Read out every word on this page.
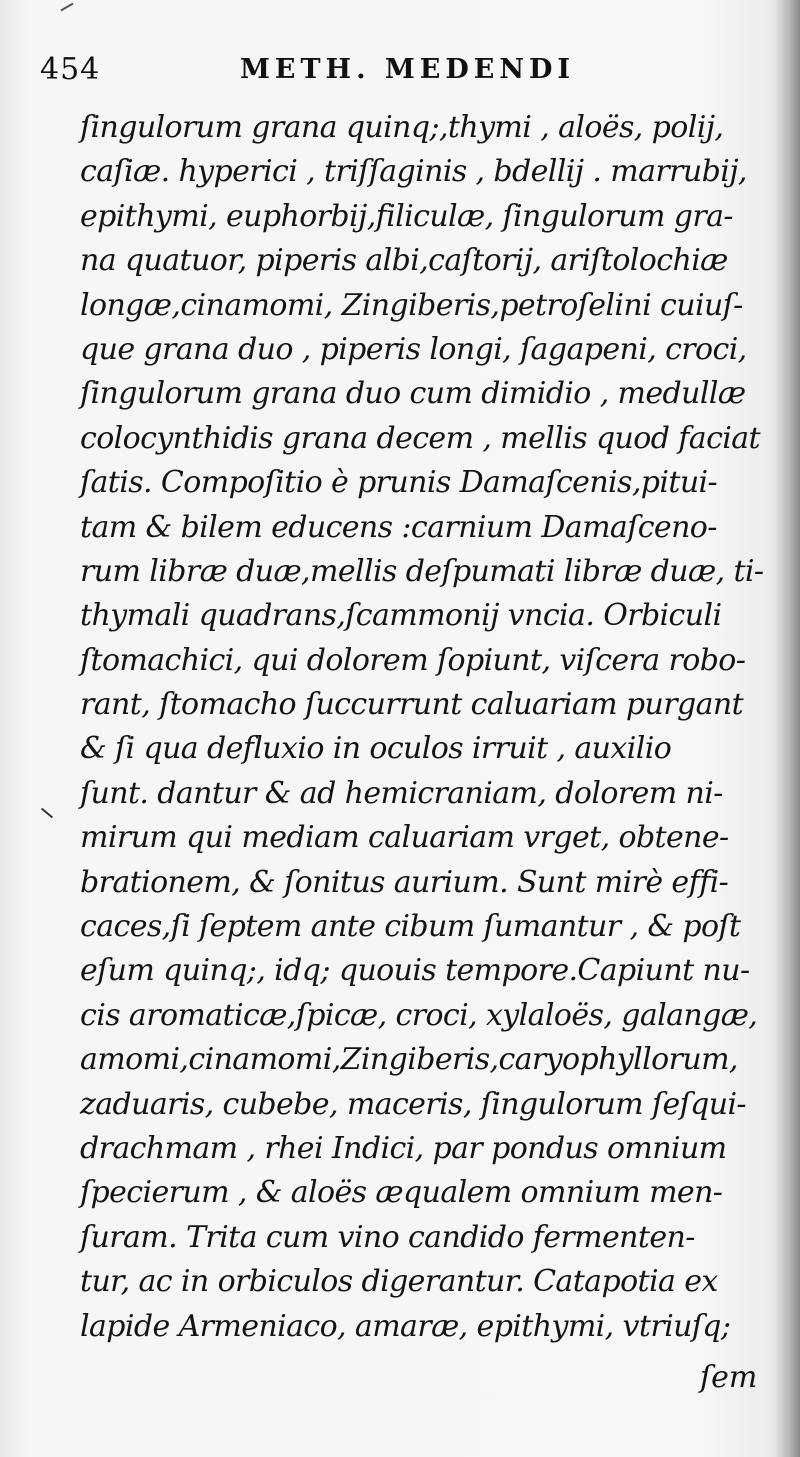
454	METH. MEDENDI
ſingulorum grana quinq;,thymi , aloës, polij,
caſiæ. hyperici , triſſaginis , bdellij . marrubij,
epithymi, euphorbij,filiculæ, ſingulorum gra-
na quatuor, piperis albi,caſtorij, ariſtolochiæ
longæ,cinamomi, Zingiberis,petroſelini cuiuſ-
que grana duo , piperis longi, ſagapeni, croci,
ſingulorum grana duo cum dimidio , medullæ
colocynthidis grana decem , mellis quod faciat
ſatis. Compoſitio è prunis Damaſcenis,pitui-
tam & bilem educens :carnium Damaſceno-
rum libræ duæ,mellis deſpumati libræ duæ, ti-
thymali quadrans,ſcammonij vncia. Orbiculi
ſtomachici, qui dolorem ſopiunt, viſcera robo-
rant, ſtomacho ſuccurrunt caluariam purgant
& ſi qua defluxio in oculos irruit , auxilio
ſunt. dantur & ad hemicraniam, dolorem ni-
mirum qui mediam caluariam vrget, obtene-
brationem, & ſonitus aurium. Sunt mirè effi-
caces,ſi ſeptem ante cibum ſumantur , & poſt
eſum quinq;, idq; quouis tempore.Capiunt nu-
cis aromaticæ,ſpicæ, croci, xylaloës, galangæ,
amomi,cinamomi,Zingiberis,caryophyllorum,
zaduaris, cubebe, maceris, ſingulorum ſeſqui-
drachmam , rhei Indici, par pondus omnium
ſpecierum , & aloës æqualem omnium men-
ſuram. Trita cum vino candido fermenten-
tur, ac in orbiculos digerantur. Catapotia ex
lapide Armeniaco, amaræ, epithymi, vtriuſq;
ſem
